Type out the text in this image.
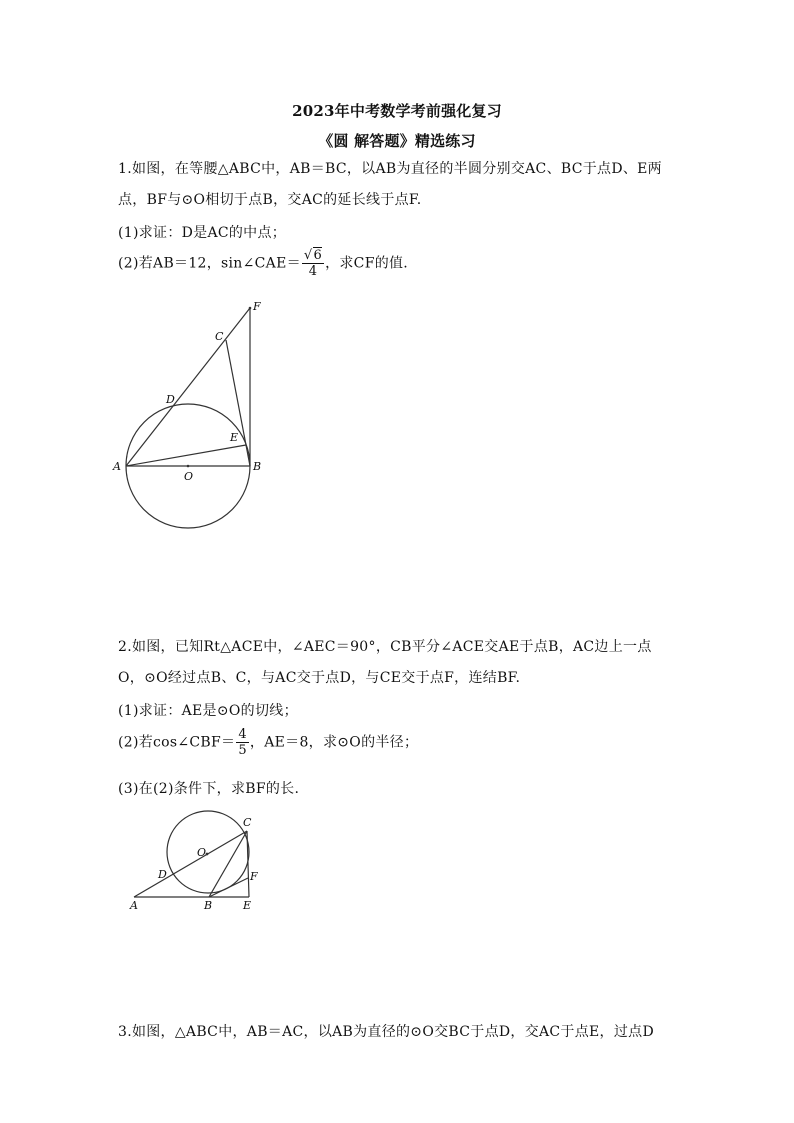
2023年中考数学考前强化复习
《圆 解答题》精选练习
1.如图，在等腰△ABC中，AB＝BC，以AB为直径的半圆分别交AC、BC于点D、E两
点，BF与⊙O相切于点B，交AC的延长线于点F.
(1)求证：D是AC的中点；
(2)若AB＝12，sin∠CAE＝ $\frac{√6}{4}$ ，求CF的值.
A	B
C
D
E
F
O
2.如图，已知Rt△ACE中，∠AEC＝90°，CB平分∠ACE交AE于点B，AC边上一点
O，⊙O经过点B、C，与AC交于点D，与CE交于点F，连结BF.
(1)求证：AE是⊙O的切线；
(2)若cos∠CBF＝ $\frac{4}{5}$ ，AE＝8，求⊙O的半径；
(3)在(2)条件下，求BF的长.
A	B
C
D
E
F
O
3.如图，△ABC中，AB＝AC，以AB为直径的⊙O交BC于点D，交AC于点E，过点D
